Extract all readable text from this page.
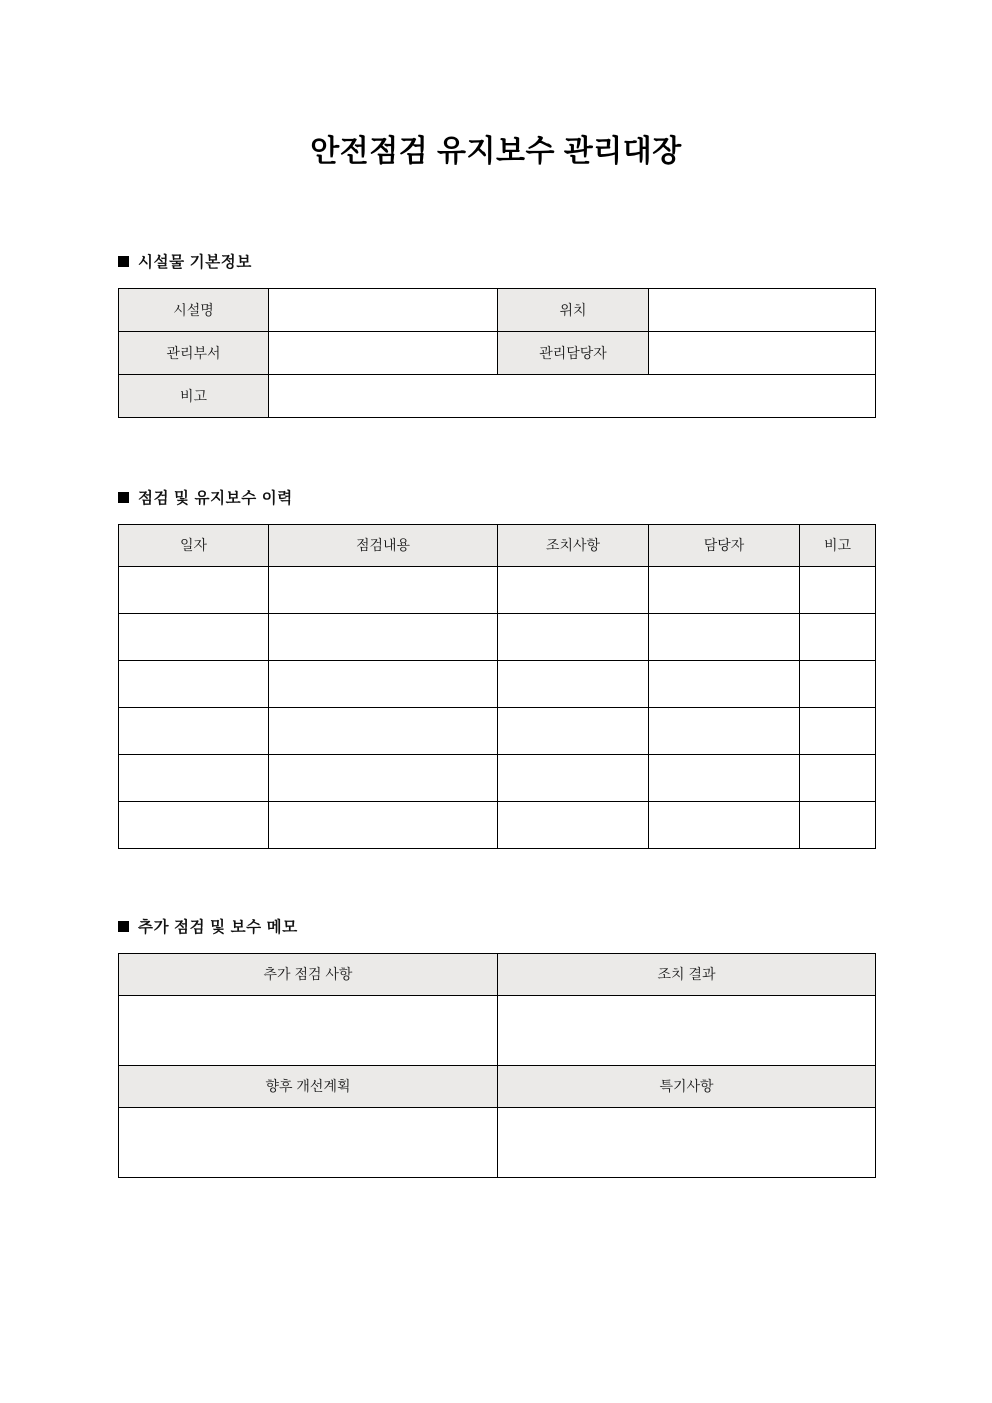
안전점검 유지보수 관리대장
시설물 기본정보
시설명		위치	
관리부서		관리담당자	
비고			
점검 및 유지보수 이력
일자	점검내용	조치사항	담당자	비고

추가 점검 및 보수 메모
추가 점검 사항	조치 결과

향후 개선계획	특기사항
